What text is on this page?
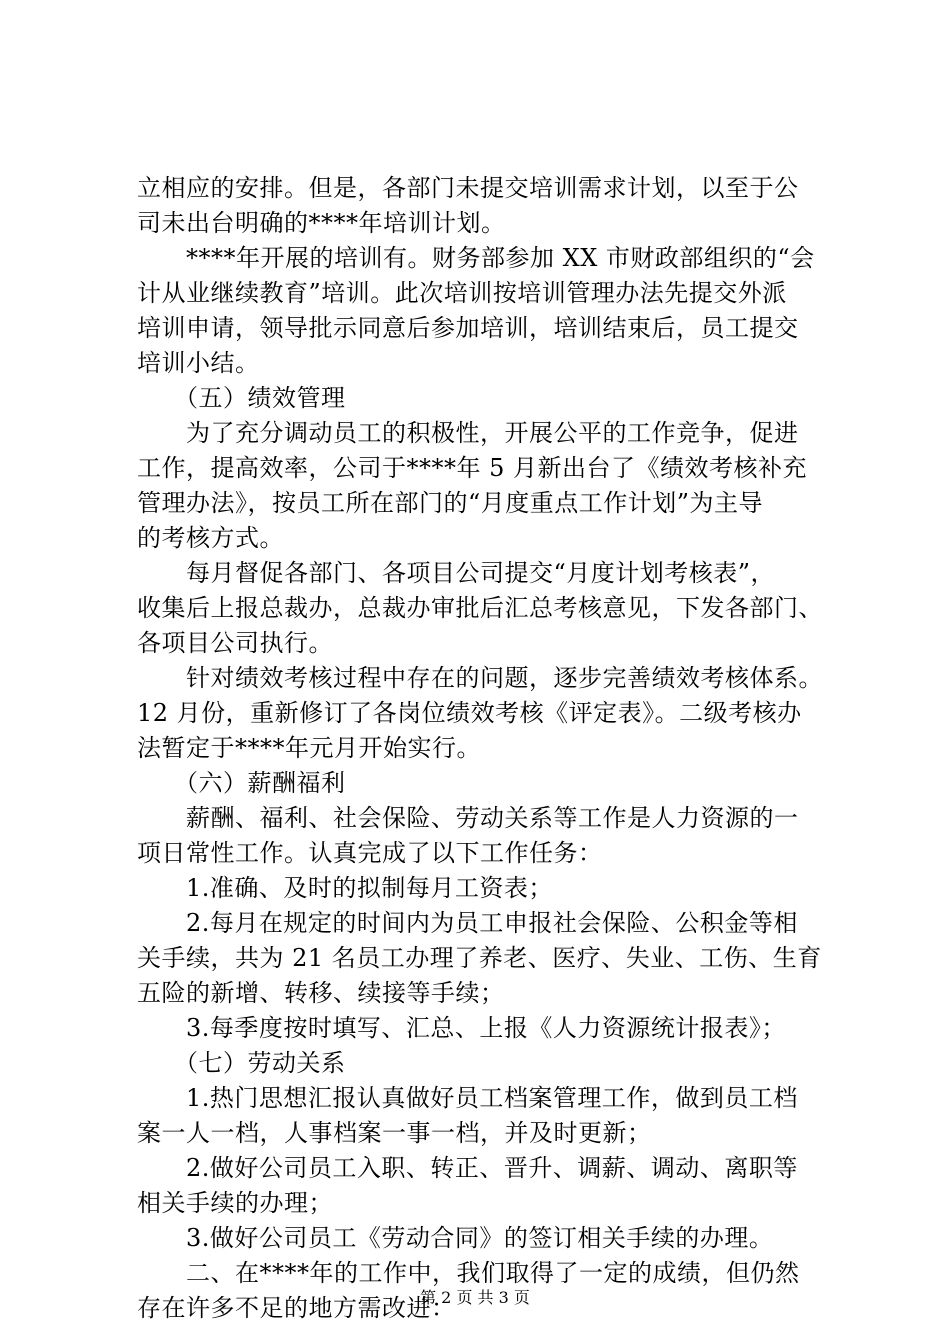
立相应的安排。但是，各部门未提交培训需求计划，以至于公
司未出台明确的****年培训计划。
　　****年开展的培训有。财务部参加 XX 市财政部组织的“会
计从业继续教育”培训。此次培训按培训管理办法先提交外派
培训申请，领导批示同意后参加培训，培训结束后，员工提交
培训小结。
　　（五）绩效管理
　　为了充分调动员工的积极性，开展公平的工作竞争，促进
工作，提高效率，公司于****年 5 月新出台了《绩效考核补充
管理办法》，按员工所在部门的“月度重点工作计划”为主导
的考核方式。
　　每月督促各部门、各项目公司提交“月度计划考核表”，
收集后上报总裁办，总裁办审批后汇总考核意见，下发各部门、
各项目公司执行。
　　针对绩效考核过程中存在的问题，逐步完善绩效考核体系。
12 月份，重新修订了各岗位绩效考核《评定表》。二级考核办
法暂定于****年元月开始实行。
　　（六）薪酬福利
　　薪酬、福利、社会保险、劳动关系等工作是人力资源的一
项日常性工作。认真完成了以下工作任务：
　　1.准确、及时的拟制每月工资表；
　　2.每月在规定的时间内为员工申报社会保险、公积金等相
关手续，共为 21 名员工办理了养老、医疗、失业、工伤、生育
五险的新增、转移、续接等手续；
　　3.每季度按时填写、汇总、上报《人力资源统计报表》；
　　（七）劳动关系
　　1.热门思想汇报认真做好员工档案管理工作，做到员工档
案一人一档，人事档案一事一档，并及时更新；
　　2.做好公司员工入职、转正、晋升、调薪、调动、离职等
相关手续的办理；
　　3.做好公司员工《劳动合同》的签订相关手续的办理。
　　二、在****年的工作中，我们取得了一定的成绩，但仍然
存在许多不足的地方需改进：
第 2 页 共 3 页
